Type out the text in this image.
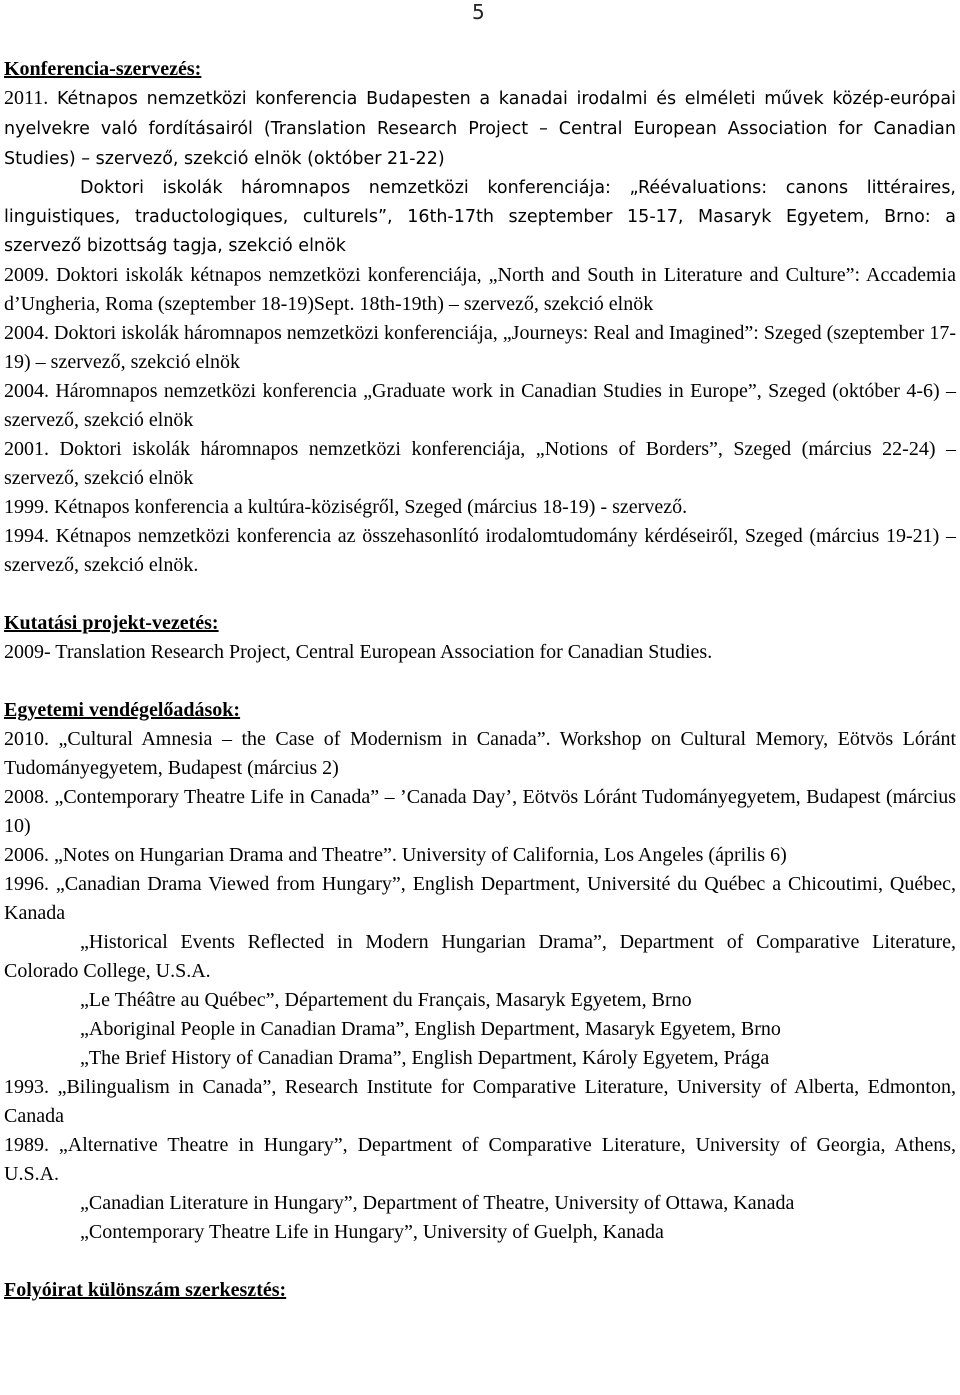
5

Konferencia-szervezés:

2011. Kétnapos nemzetközi konferencia Budapesten a kanadai irodalmi és elméleti művek közép-európai nyelvekre való fordításairól (Translation Research Project – Central European Association for Canadian Studies) – szervező, szekció elnök (október 21-22)

Doktori iskolák háromnapos nemzetközi konferenciája: „Réévaluations: canons littéraires, linguistiques, traductologiques, culturels”, 16th-17th szeptember 15-17, Masaryk Egyetem, Brno: a szervező bizottság tagja, szekció elnök

2009. Doktori iskolák kétnapos nemzetközi konferenciája, „North and South in Literature and Culture”: Accademia d’Ungheria, Roma (szeptember 18-19)Sept. 18th-19th) – szervező, szekció elnök

2004. Doktori iskolák háromnapos nemzetközi konferenciája, „Journeys: Real and Imagined”: Szeged (szeptember 17-19) – szervező, szekció elnök

2004. Háromnapos nemzetközi konferencia „Graduate work in Canadian Studies in Europe”, Szeged (október 4-6) – szervező, szekció elnök

2001. Doktori iskolák háromnapos nemzetközi konferenciája, „Notions of Borders”, Szeged (március 22-24) – szervező, szekció elnök

1999. Kétnapos konferencia a kultúra-köziségről, Szeged (március 18-19) - szervező.

1994. Kétnapos nemzetközi konferencia az összehasonlító irodalomtudomány kérdéseiről, Szeged (március 19-21) – szervező, szekció elnök.

Kutatási projekt-vezetés:

2009- Translation Research Project, Central European Association for Canadian Studies.

Egyetemi vendégelőadások:

2010. „Cultural Amnesia – the Case of Modernism in Canada”. Workshop on Cultural Memory, Eötvös Lóránt Tudományegyetem, Budapest (március 2)

2008. „Contemporary Theatre Life in Canada” – ’Canada Day’, Eötvös Lóránt Tudományegyetem, Budapest (március 10)

2006. „Notes on Hungarian Drama and Theatre”. University of California, Los Angeles (április 6)

1996. „Canadian Drama Viewed from Hungary”, English Department, Université du Québec a Chicoutimi, Québec, Kanada

„Historical Events Reflected in Modern Hungarian Drama”, Department of Comparative Literature, Colorado College, U.S.A.

„Le Théâtre au Québec”, Département du Français, Masaryk Egyetem, Brno

„Aboriginal People in Canadian Drama”, English Department, Masaryk Egyetem, Brno

„The Brief History of Canadian Drama”, English Department, Károly Egyetem, Prága

1993. „Bilingualism in Canada”, Research Institute for Comparative Literature, University of Alberta, Edmonton, Canada

1989. „Alternative Theatre in Hungary”, Department of Comparative Literature, University of Georgia, Athens, U.S.A.

„Canadian Literature in Hungary”, Department of Theatre, University of Ottawa, Kanada

„Contemporary Theatre Life in Hungary”, University of Guelph, Kanada

Folyóirat különszám szerkesztés:
